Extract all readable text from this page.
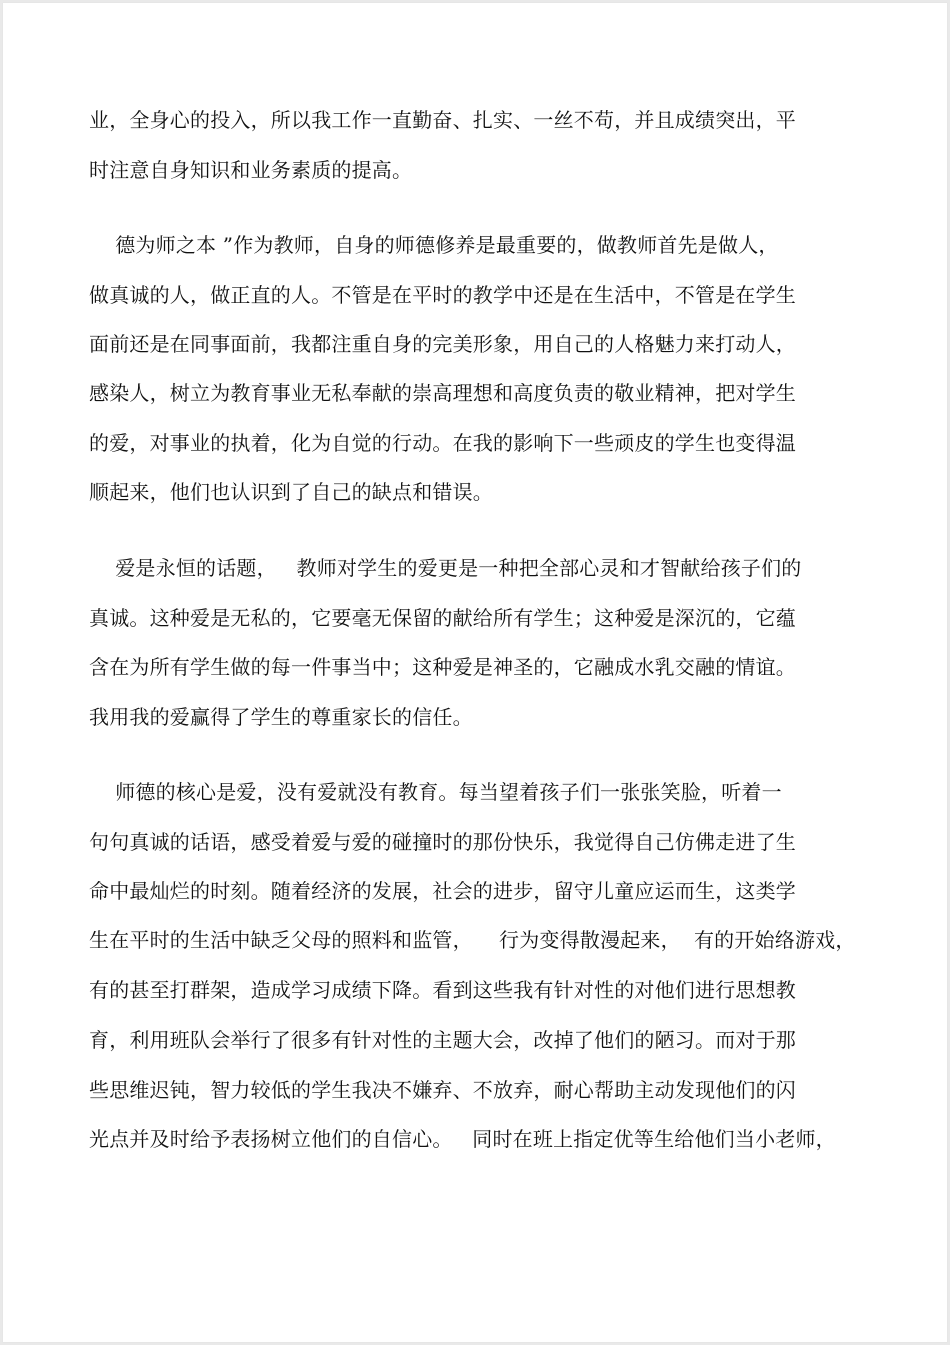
业，全身心的投入，所以我工作一直勤奋、扎实、一丝不苟，并且成绩突出，平
时注意自身知识和业务素质的提高。
德为师之本 ”作为教师，自身的师德修养是最重要的，做教师首先是做人，
做真诚的人，做正直的人。不管是在平时的教学中还是在生活中，不管是在学生
面前还是在同事面前，我都注重自身的完美形象，用自己的人格魅力来打动人，
感染人，树立为教育事业无私奉献的崇高理想和高度负责的敬业精神，把对学生
的爱，对事业的执着，化为自觉的行动。在我的影响下一些顽皮的学生也变得温
顺起来，他们也认识到了自己的缺点和错误。
爱是永恒的话题，   教师对学生的爱更是一种把全部心灵和才智献给孩子们的
真诚。这种爱是无私的，它要毫无保留的献给所有学生；这种爱是深沉的，它蕴
含在为所有学生做的每一件事当中；这种爱是神圣的，它融成水乳交融的情谊。
我用我的爱赢得了学生的尊重家长的信任。
师德的核心是爱，没有爱就没有教育。每当望着孩子们一张张笑脸，听着一
句句真诚的话语，感受着爱与爱的碰撞时的那份快乐，我觉得自己仿佛走进了生
命中最灿烂的时刻。随着经济的发展，社会的进步，留守儿童应运而生，这类学
生在平时的生活中缺乏父母的照料和监管，    行为变得散漫起来，  有的开始络游戏，
有的甚至打群架，造成学习成绩下降。看到这些我有针对性的对他们进行思想教
育，利用班队会举行了很多有针对性的主题大会，改掉了他们的陋习。而对于那
些思维迟钝，智力较低的学生我决不嫌弃、不放弃，耐心帮助主动发现他们的闪
光点并及时给予表扬树立他们的自信心。   同时在班上指定优等生给他们当小老师，
